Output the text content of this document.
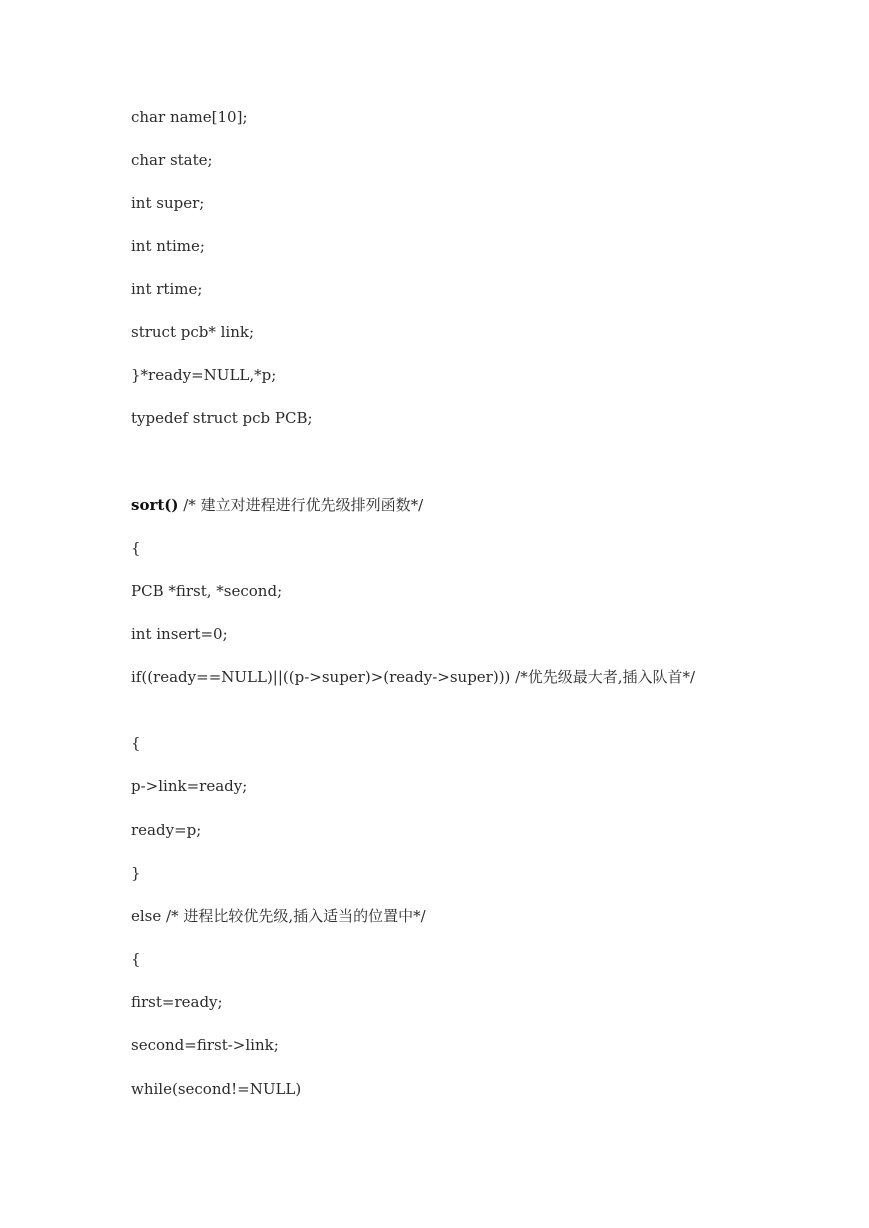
char name[10];
char state;
int super;
int ntime;
int rtime;
struct pcb* link;
}*ready=NULL,*p;
typedef struct pcb PCB;
sort() /* 建立对进程进行优先级排列函数*/
{
PCB *first, *second;
int insert=0;
if((ready==NULL)||((p->super)>(ready->super))) /*优先级最大者,插入队首*/
{
p->link=ready;
ready=p;
}
else /* 进程比较优先级,插入适当的位置中*/
{
first=ready;
second=first->link;
while(second!=NULL)
